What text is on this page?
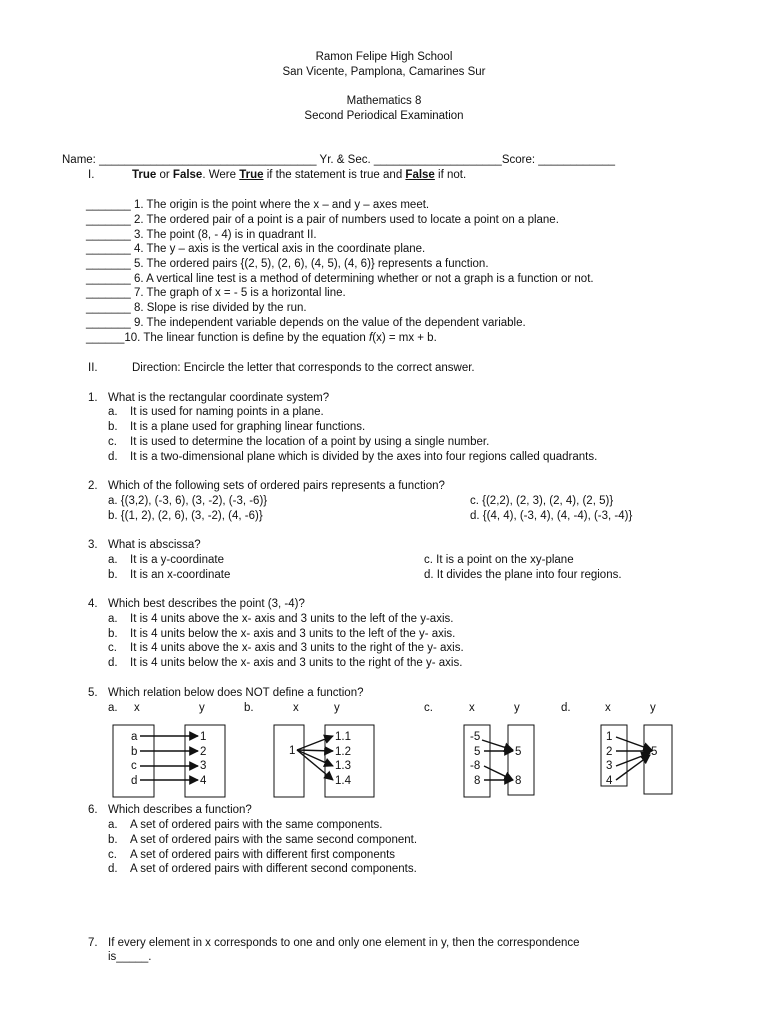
Ramon Felipe High School
San Vicente, Pamplona, Camarines Sur
Mathematics 8
Second Periodical Examination
Name: __________________________________ Yr. & Sec. ____________________Score: ____________
I.	True or False. Were True if the statement is true and False if not.
_______ 1. The origin is the point where the x – and y – axes meet.
_______ 2. The ordered pair of a point is a pair of numbers used to locate a point on a plane.
_______ 3. The point (8, - 4) is in quadrant II.
_______ 4. The y – axis is the vertical axis in the coordinate plane.
_______ 5. The ordered pairs {(2, 5), (2, 6), (4, 5), (4, 6)} represents a function.
_______ 6. A vertical line test is a method of determining whether or not a graph is a function or not.
_______ 7. The graph of x = - 5 is a horizontal line.
_______ 8. Slope is rise divided by the run.
_______ 9. The independent variable depends on the value of the dependent variable.
______10. The linear function is define by the equation f(x) = mx + b.
II.	Direction: Encircle the letter that corresponds to the correct answer.
1. What is the rectangular coordinate system?
a. It is used for naming points in a plane.
b. It is a plane used for graphing linear functions.
c. It is used to determine the location of a point by using a single number.
d. It is a two-dimensional plane which is divided by the axes into four regions called quadrants.
2. Which of the following sets of ordered pairs represents a function?
a. {(3,2), (-3, 6), (3, -2), (-3, -6)}	c. {(2,2), (2, 3), (2, 4), (2, 5)}
b. {(1, 2), (2, 6), (3, -2), (4, -6)}	d. {(4, 4), (-3, 4), (4, -4), (-3, -4)}
3. What is abscissa?
a. It is a y-coordinate	c. It is a point on the xy-plane
b. It is an x-coordinate	d. It divides the plane into four regions.
4. Which best describes the point (3, -4)?
a. It is 4 units above the x- axis and 3 units to the left of the y-axis.
b. It is 4 units below the x- axis and 3 units to the left of the y- axis.
c. It is 4 units above the x- axis and 3 units to the right of the y- axis.
d. It is 4 units below the x- axis and 3 units to the right of the y- axis.
5. Which relation below does NOT define a function?
a. x	y	b.	x	y	c.	x	y	d.	x	y
a
b
c
d
1
2
3
4
1
1.1
1.2
1.3
1.4
-5
5
-8
8
5
8
1
2
3
4
5
6. Which describes a function?
a. A set of ordered pairs with the same components.
b. A set of ordered pairs with the same second component.
c. A set of ordered pairs with different first components
d. A set of ordered pairs with different second components.
7. If every element in x corresponds to one and only one element in y, then the correspondence
is_____.
